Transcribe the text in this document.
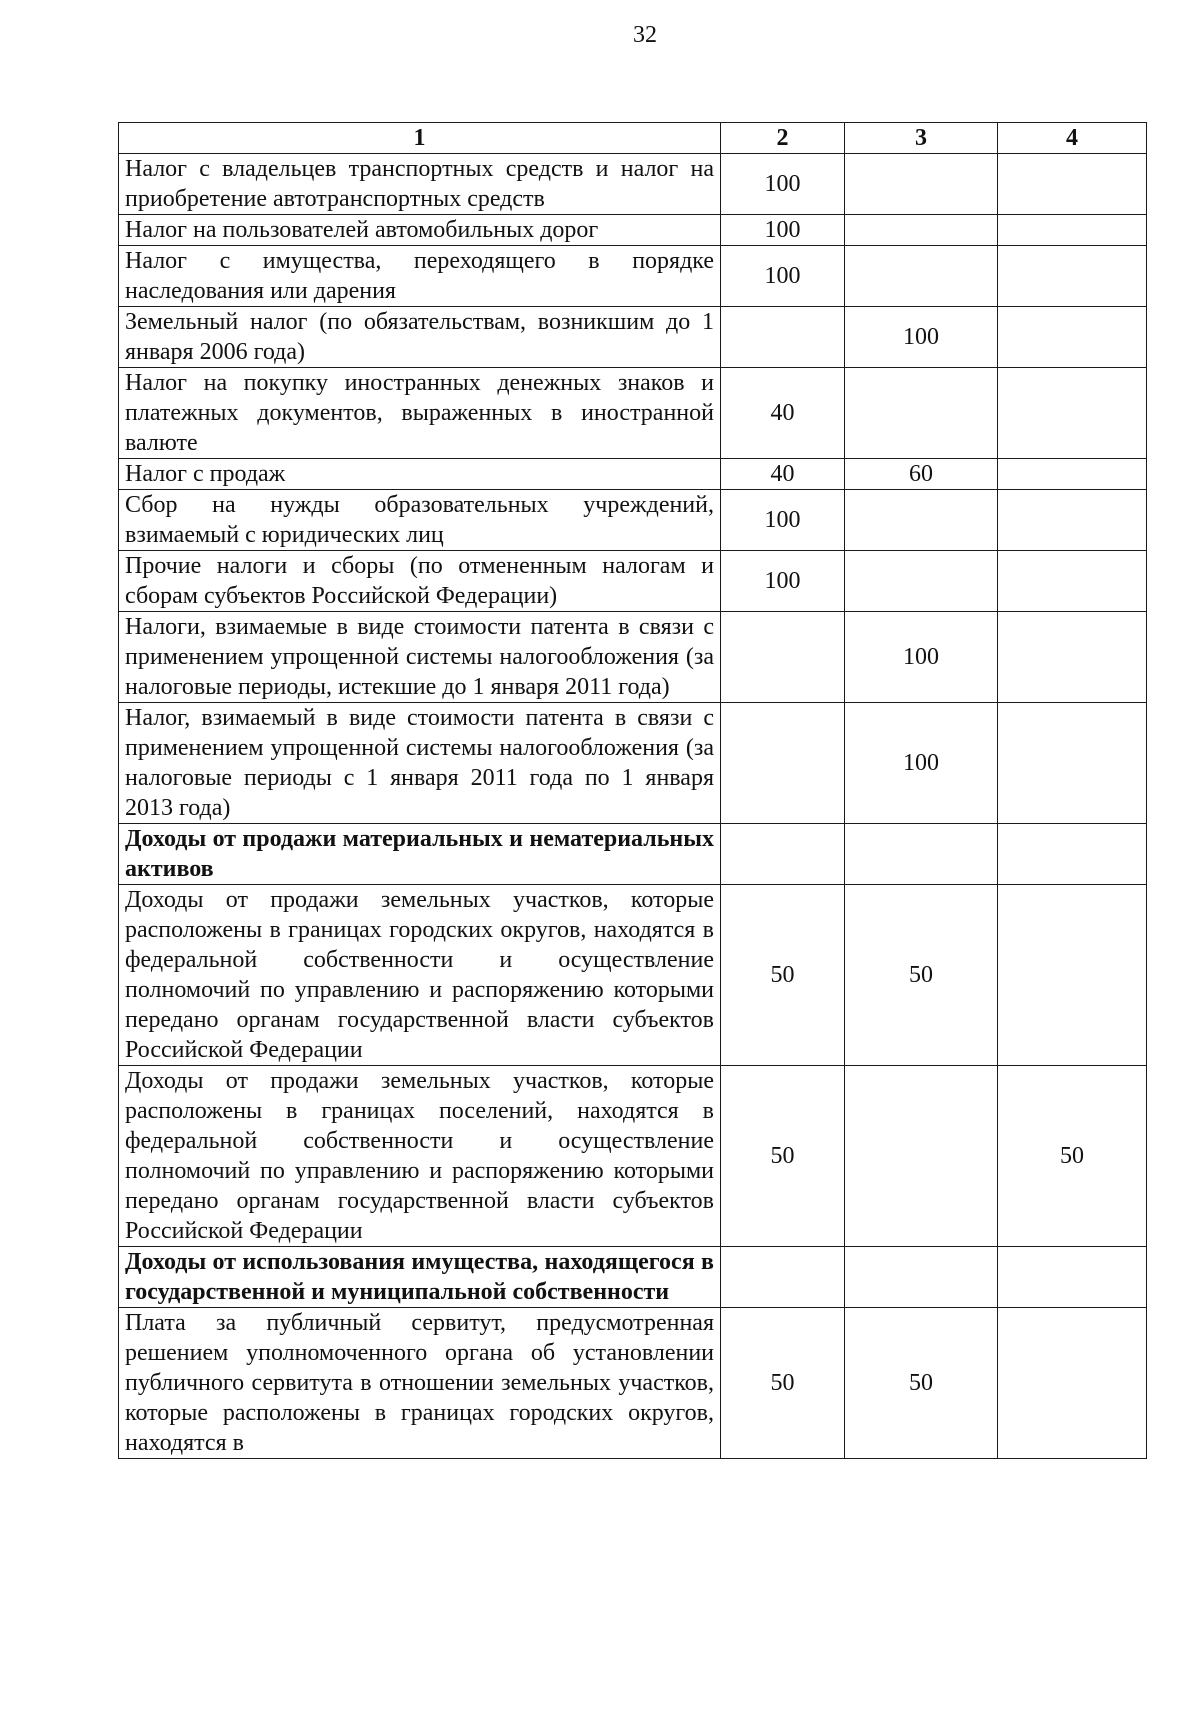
32
1	2	3	4
Налог с владельцев транспортных средств и налог на приобретение автотранспортных средств	100		
Налог на пользователей автомобильных дорог	100		
Налог с имущества, переходящего в порядке наследования или дарения	100		
Земельный налог (по обязательствам, возникшим до 1 января 2006 года)		100	
Налог на покупку иностранных денежных знаков и платежных документов, выраженных в иностранной валюте	40		
Налог с продаж	40	60	
Сбор на нужды образовательных учреждений, взимаемый с юридических лиц	100		
Прочие налоги и сборы (по отмененным налогам и сборам субъектов Российской Федерации)	100		
Налоги, взимаемые в виде стоимости патента в связи с применением упрощенной системы налогообложения (за налоговые периоды, истекшие до 1 января 2011 года)		100	
Налог, взимаемый в виде стоимости патента в связи с применением упрощенной системы налогообложения (за налоговые периоды с 1 января 2011 года по 1 января 2013 года)		100	
Доходы от продажи материальных и нематериальных активов			
Доходы от продажи земельных участков, которые расположены в границах городских округов, находятся в федеральной собственности и осуществление полномочий по управлению и распоряжению которыми передано органам государственной власти субъектов Российской Федерации	50	50	
Доходы от продажи земельных участков, которые расположены в границах поселений, находятся в федеральной собственности и осуществление полномочий по управлению и распоряжению которыми передано органам государственной власти субъектов Российской Федерации	50		50
Доходы от использования имущества, находящегося в государственной и муниципальной собственности			
Плата за публичный сервитут, предусмотренная решением уполномоченного органа об установлении публичного сервитута в отношении земельных участков, которые расположены в границах городских округов, находятся в	50	50	
